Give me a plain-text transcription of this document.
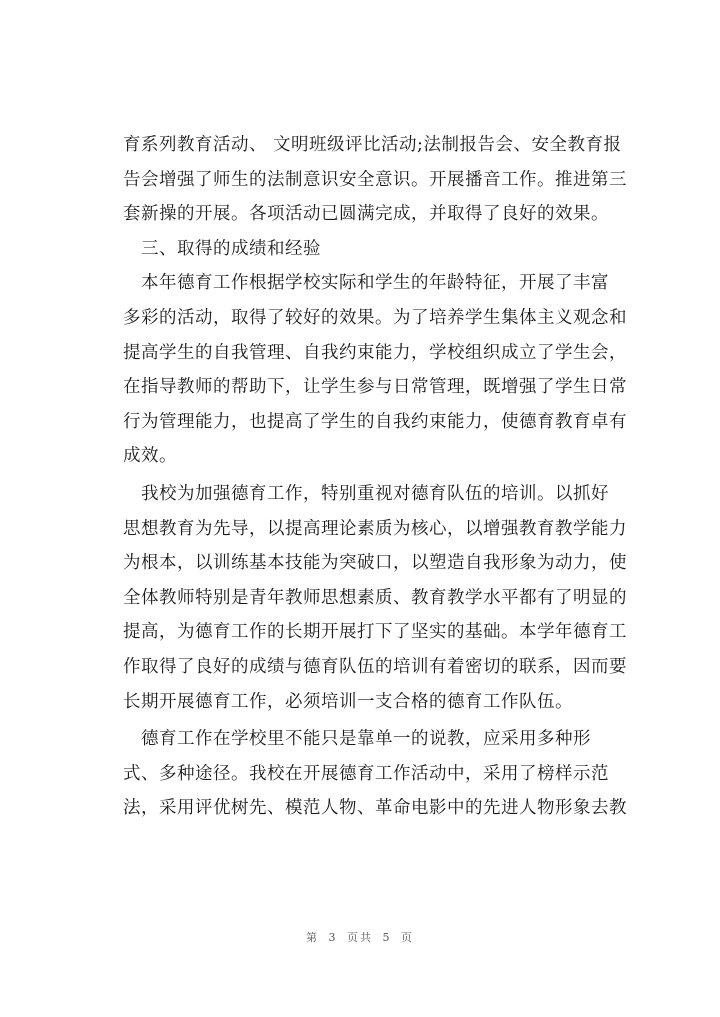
育系列教育活动、 文明班级评比活动;法制报告会、安全教育报
告会增强了师生的法制意识安全意识。开展播音工作。推进第三
套新操的开展。各项活动已圆满完成，并取得了良好的效果。
三、取得的成绩和经验
本年德育工作根据学校实际和学生的年龄特征，开展了丰富
多彩的活动，取得了较好的效果。为了培养学生集体主义观念和
提高学生的自我管理、自我约束能力，学校组织成立了学生会，
在指导教师的帮助下，让学生参与日常管理，既增强了学生日常
行为管理能力，也提高了学生的自我约束能力，使德育教育卓有
成效。
我校为加强德育工作，特别重视对德育队伍的培训。以抓好
思想教育为先导，以提高理论素质为核心，以增强教育教学能力
为根本，以训练基本技能为突破口，以塑造自我形象为动力，使
全体教师特别是青年教师思想素质、教育教学水平都有了明显的
提高，为德育工作的长期开展打下了坚实的基础。本学年德育工
作取得了良好的成绩与德育队伍的培训有着密切的联系，因而要
长期开展德育工作，必须培训一支合格的德育工作队伍。
德育工作在学校里不能只是靠单一的说教，应采用多种形
式、多种途径。我校在开展德育工作活动中，采用了榜样示范
法，采用评优树先、模范人物、革命电影中的先进人物形象去教
第 3 页共 5 页
